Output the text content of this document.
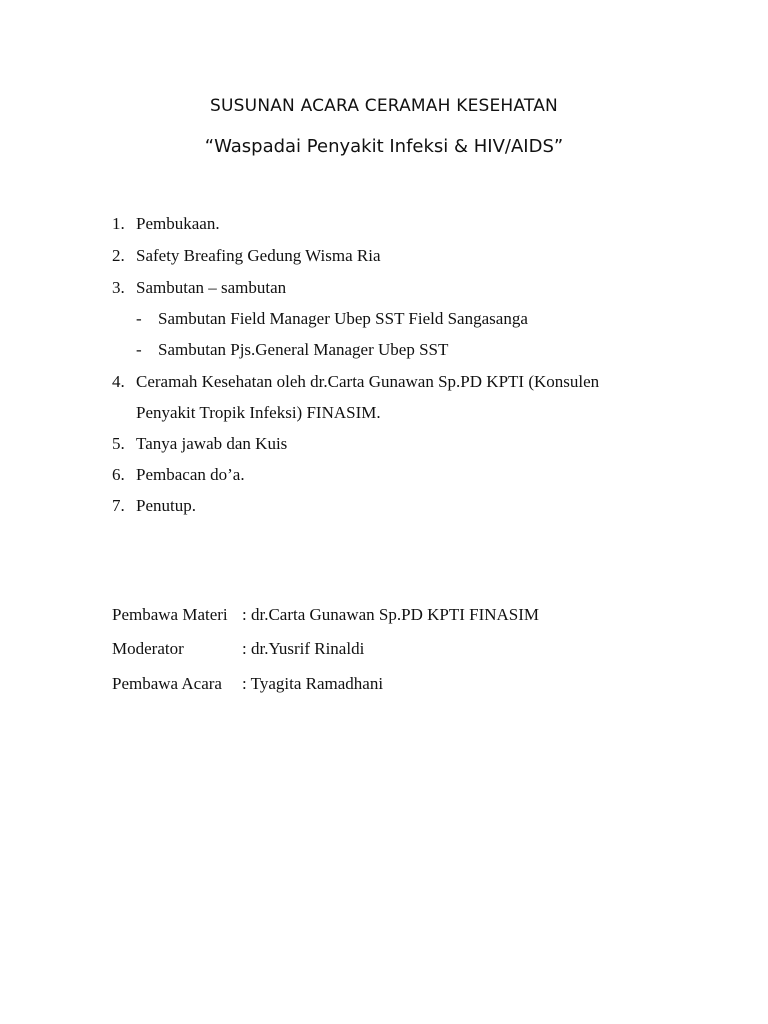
SUSUNAN ACARA CERAMAH KESEHATAN
“Waspadai Penyakit Infeksi & HIV/AIDS”
1. Pembukaan.
2. Safety Breafing Gedung Wisma Ria
3. Sambutan – sambutan
- Sambutan Field Manager Ubep SST Field Sangasanga
- Sambutan Pjs.General Manager Ubep SST
4. Ceramah Kesehatan oleh dr.Carta Gunawan Sp.PD KPTI (Konsulen
Penyakit Tropik Infeksi) FINASIM.
5. Tanya jawab dan Kuis
6. Pembacan do’a.
7. Penutup.
Pembawa Materi : dr.Carta Gunawan Sp.PD KPTI FINASIM
Moderator	: dr.Yusrif Rinaldi
Pembawa Acara : Tyagita Ramadhani
